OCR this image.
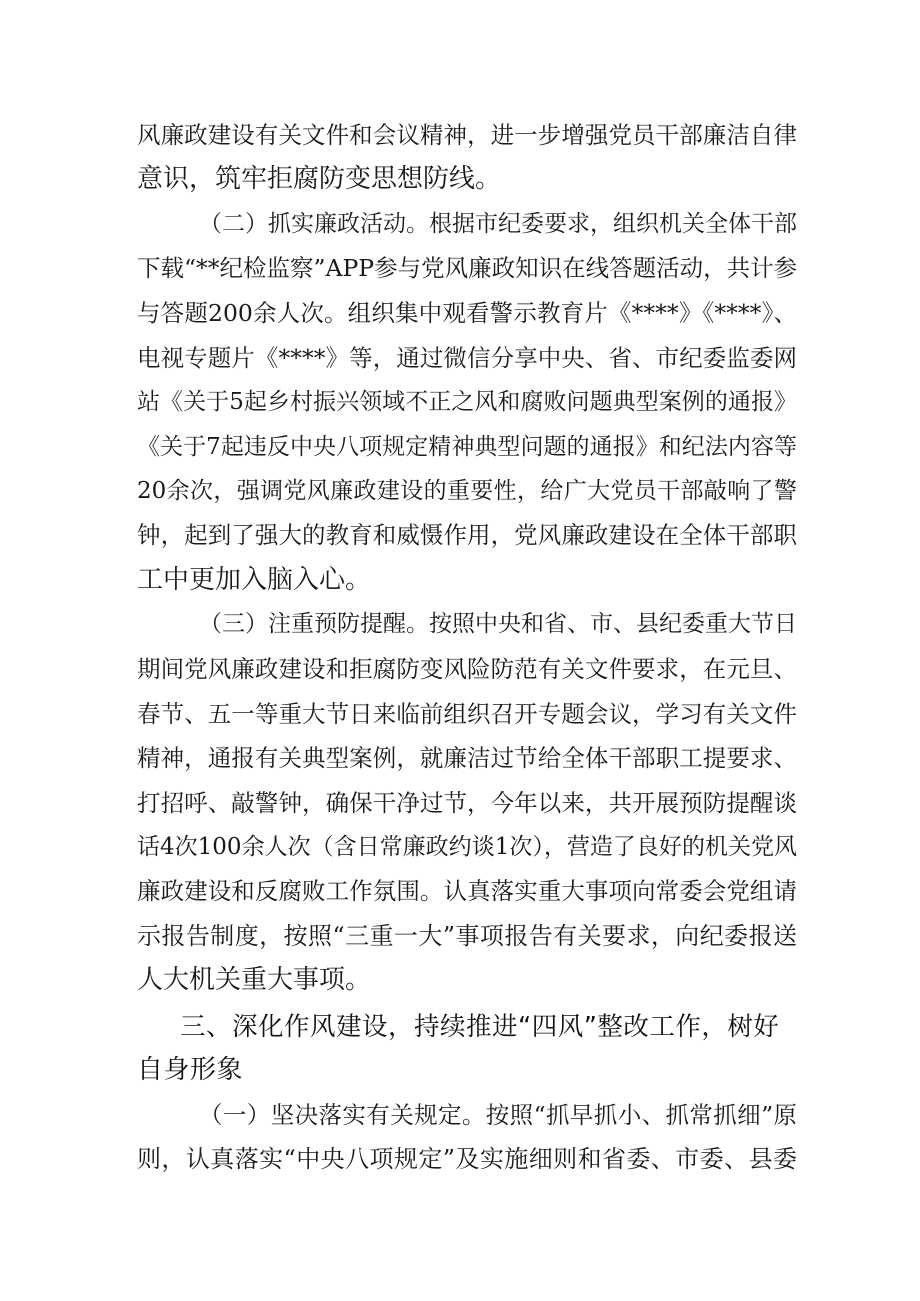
风廉政建设有关文件和会议精神，进一步增强党员干部廉洁自律
意识，筑牢拒腐防变思想防线。
（二）抓实廉政活动。根据市纪委要求，组织机关全体干部
下载“**纪检监察”APP参与党风廉政知识在线答题活动，共计参
与答题200余人次。组织集中观看警示教育片《****》《****》、
电视专题片《****》等，通过微信分享中央、省、市纪委监委网
站《关于5起乡村振兴领域不正之风和腐败问题典型案例的通报》
《关于7起违反中央八项规定精神典型问题的通报》和纪法内容等
20余次，强调党风廉政建设的重要性，给广大党员干部敲响了警
钟，起到了强大的教育和威慑作用，党风廉政建设在全体干部职
工中更加入脑入心。
（三）注重预防提醒。按照中央和省、市、县纪委重大节日
期间党风廉政建设和拒腐防变风险防范有关文件要求，在元旦、
春节、五一等重大节日来临前组织召开专题会议，学习有关文件
精神，通报有关典型案例，就廉洁过节给全体干部职工提要求、
打招呼、敲警钟，确保干净过节，今年以来，共开展预防提醒谈
话4次100余人次（含日常廉政约谈1次），营造了良好的机关党风
廉政建设和反腐败工作氛围。认真落实重大事项向常委会党组请
示报告制度，按照“三重一大”事项报告有关要求，向纪委报送
人大机关重大事项。
三、深化作风建设，持续推进“四风”整改工作，树好
自身形象
（一）坚决落实有关规定。按照“抓早抓小、抓常抓细”原
则，认真落实“中央八项规定”及实施细则和省委、市委、县委
